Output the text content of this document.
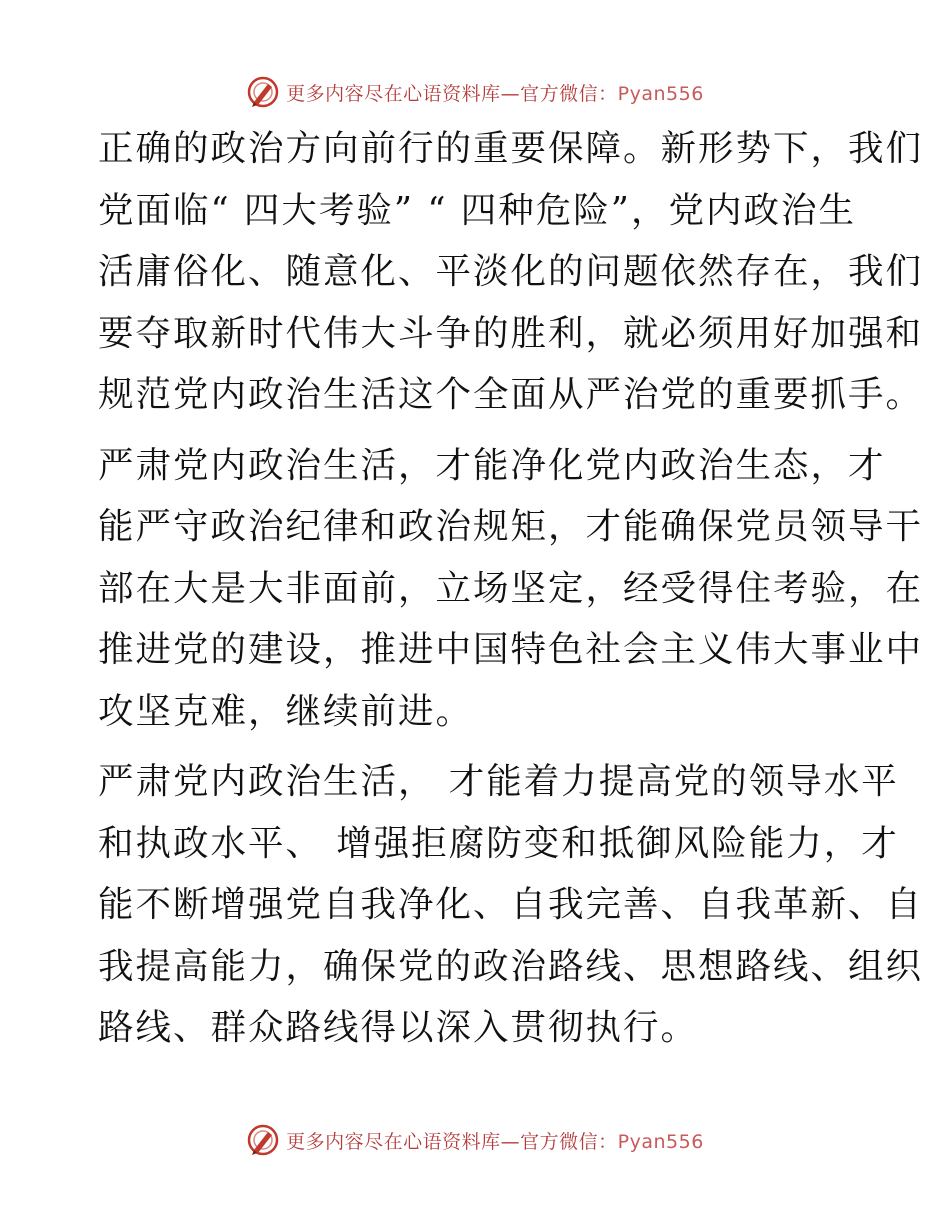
更多内容尽在心语资料库—官方微信：Pyan556
正确的政治方向前行的重要保障。新形势下，我们
党面临“ 四大考验” “ 四种危险”，党内政治生
活庸俗化、随意化、平淡化的问题依然存在，我们
要夺取新时代伟大斗争的胜利，就必须用好加强和
规范党内政治生活这个全面从严治党的重要抓手。
严肃党内政治生活，才能净化党内政治生态，才
能严守政治纪律和政治规矩，才能确保党员领导干
部在大是大非面前，立场坚定，经受得住考验，在
推进党的建设，推进中国特色社会主义伟大事业中
攻坚克难，继续前进。
严肃党内政治生活， 才能着力提高党的领导水平
和执政水平、 增强拒腐防变和抵御风险能力，才
能不断增强党自我净化、自我完善、自我革新、自
我提高能力，确保党的政治路线、思想路线、组织
路线、群众路线得以深入贯彻执行。
更多内容尽在心语资料库—官方微信：Pyan556
